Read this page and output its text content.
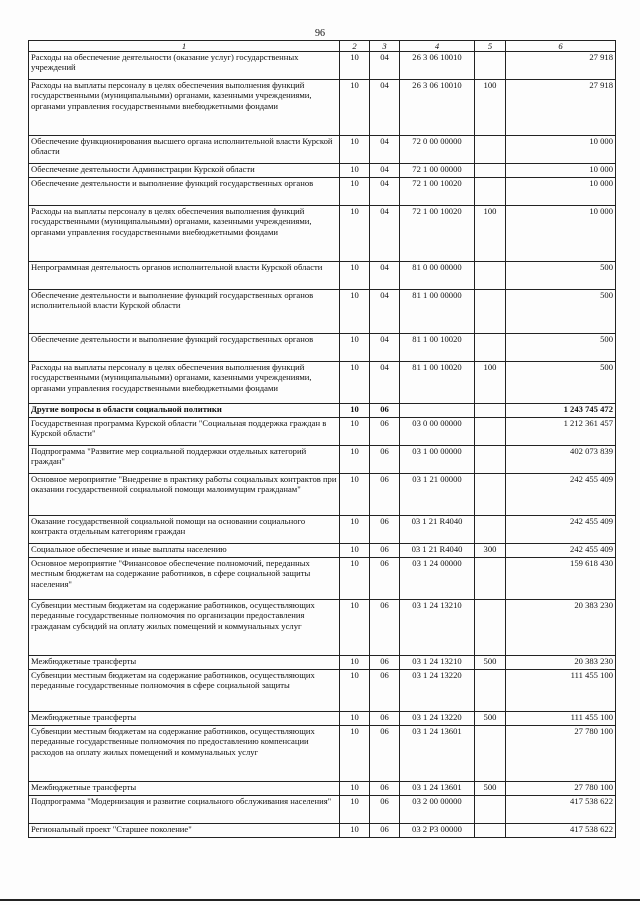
96
1	2	3	4	5	6
Расходы на обеспечение деятельности (оказание услуг) государственных учреждений	10	04	26 3 06 10010		27 918
Расходы на выплаты персоналу в целях обеспечения выполнения функций государственными (муниципальными) органами, казенными учреждениями, органами управления государственными внебюджетными фондами	10	04	26 3 06 10010	100	27 918
Обеспечение функционирования высшего органа исполнительной власти Курской области	10	04	72 0 00 00000		10 000
Обеспечение деятельности Администрации Курской области	10	04	72 1 00 00000		10 000
Обеспечение деятельности и выполнение функций государственных органов	10	04	72 1 00 10020		10 000
Расходы на выплаты персоналу в целях обеспечения выполнения функций государственными (муниципальными) органами, казенными учреждениями, органами управления государственными внебюджетными фондами	10	04	72 1 00 10020	100	10 000
Непрограммная деятельность органов исполнительной власти Курской области	10	04	81 0 00 00000		500
Обеспечение деятельности и выполнение функций государственных органов исполнительной власти Курской области	10	04	81 1 00 00000		500
Обеспечение деятельности и выполнение функций государственных органов	10	04	81 1 00 10020		500
Расходы на выплаты персоналу в целях обеспечения выполнения функций государственными (муниципальными) органами, казенными учреждениями, органами управления государственными внебюджетными фондами	10	04	81 1 00 10020	100	500
Другие вопросы в области социальной политики	10	06			1 243 745 472
Государственная программа Курской области "Социальная поддержка граждан в Курской области"	10	06	03 0 00 00000		1 212 361 457
Подпрограмма "Развитие мер социальной поддержки отдельных категорий граждан"	10	06	03 1 00 00000		402 073 839
Основное мероприятие "Внедрение в практику работы социальных контрактов при оказании государственной социальной помощи малоимущим гражданам"	10	06	03 1 21 00000		242 455 409
Оказание государственной социальной помощи на основании социального контракта отдельным категориям граждан	10	06	03 1 21 R4040		242 455 409
Социальное обеспечение и иные выплаты населению	10	06	03 1 21 R4040	300	242 455 409
Основное мероприятие "Финансовое обеспечение полномочий, переданных местным бюджетам на содержание работников, в сфере социальной защиты населения"	10	06	03 1 24 00000		159 618 430
Субвенции местным бюджетам на содержание работников, осуществляющих переданные государственные полномочия по организации предоставления гражданам субсидий на оплату жилых помещений и коммунальных услуг	10	06	03 1 24 13210		20 383 230
Межбюджетные трансферты	10	06	03 1 24 13210	500	20 383 230
Субвенции местным бюджетам на содержание работников, осуществляющих переданные государственные полномочия в сфере социальной защиты	10	06	03 1 24 13220		111 455 100
Межбюджетные трансферты	10	06	03 1 24 13220	500	111 455 100
Субвенции местным бюджетам на содержание работников, осуществляющих переданные государственные полномочия по предоставлению компенсации расходов на оплату жилых помещений и коммунальных услуг	10	06	03 1 24 13601		27 780 100
Межбюджетные трансферты	10	06	03 1 24 13601	500	27 780 100
Подпрограмма "Модернизация и развитие социального обслуживания населения"	10	06	03 2 00 00000		417 538 622
Региональный проект "Старшее поколение"	10	06	03 2 P3 00000		417 538 622
